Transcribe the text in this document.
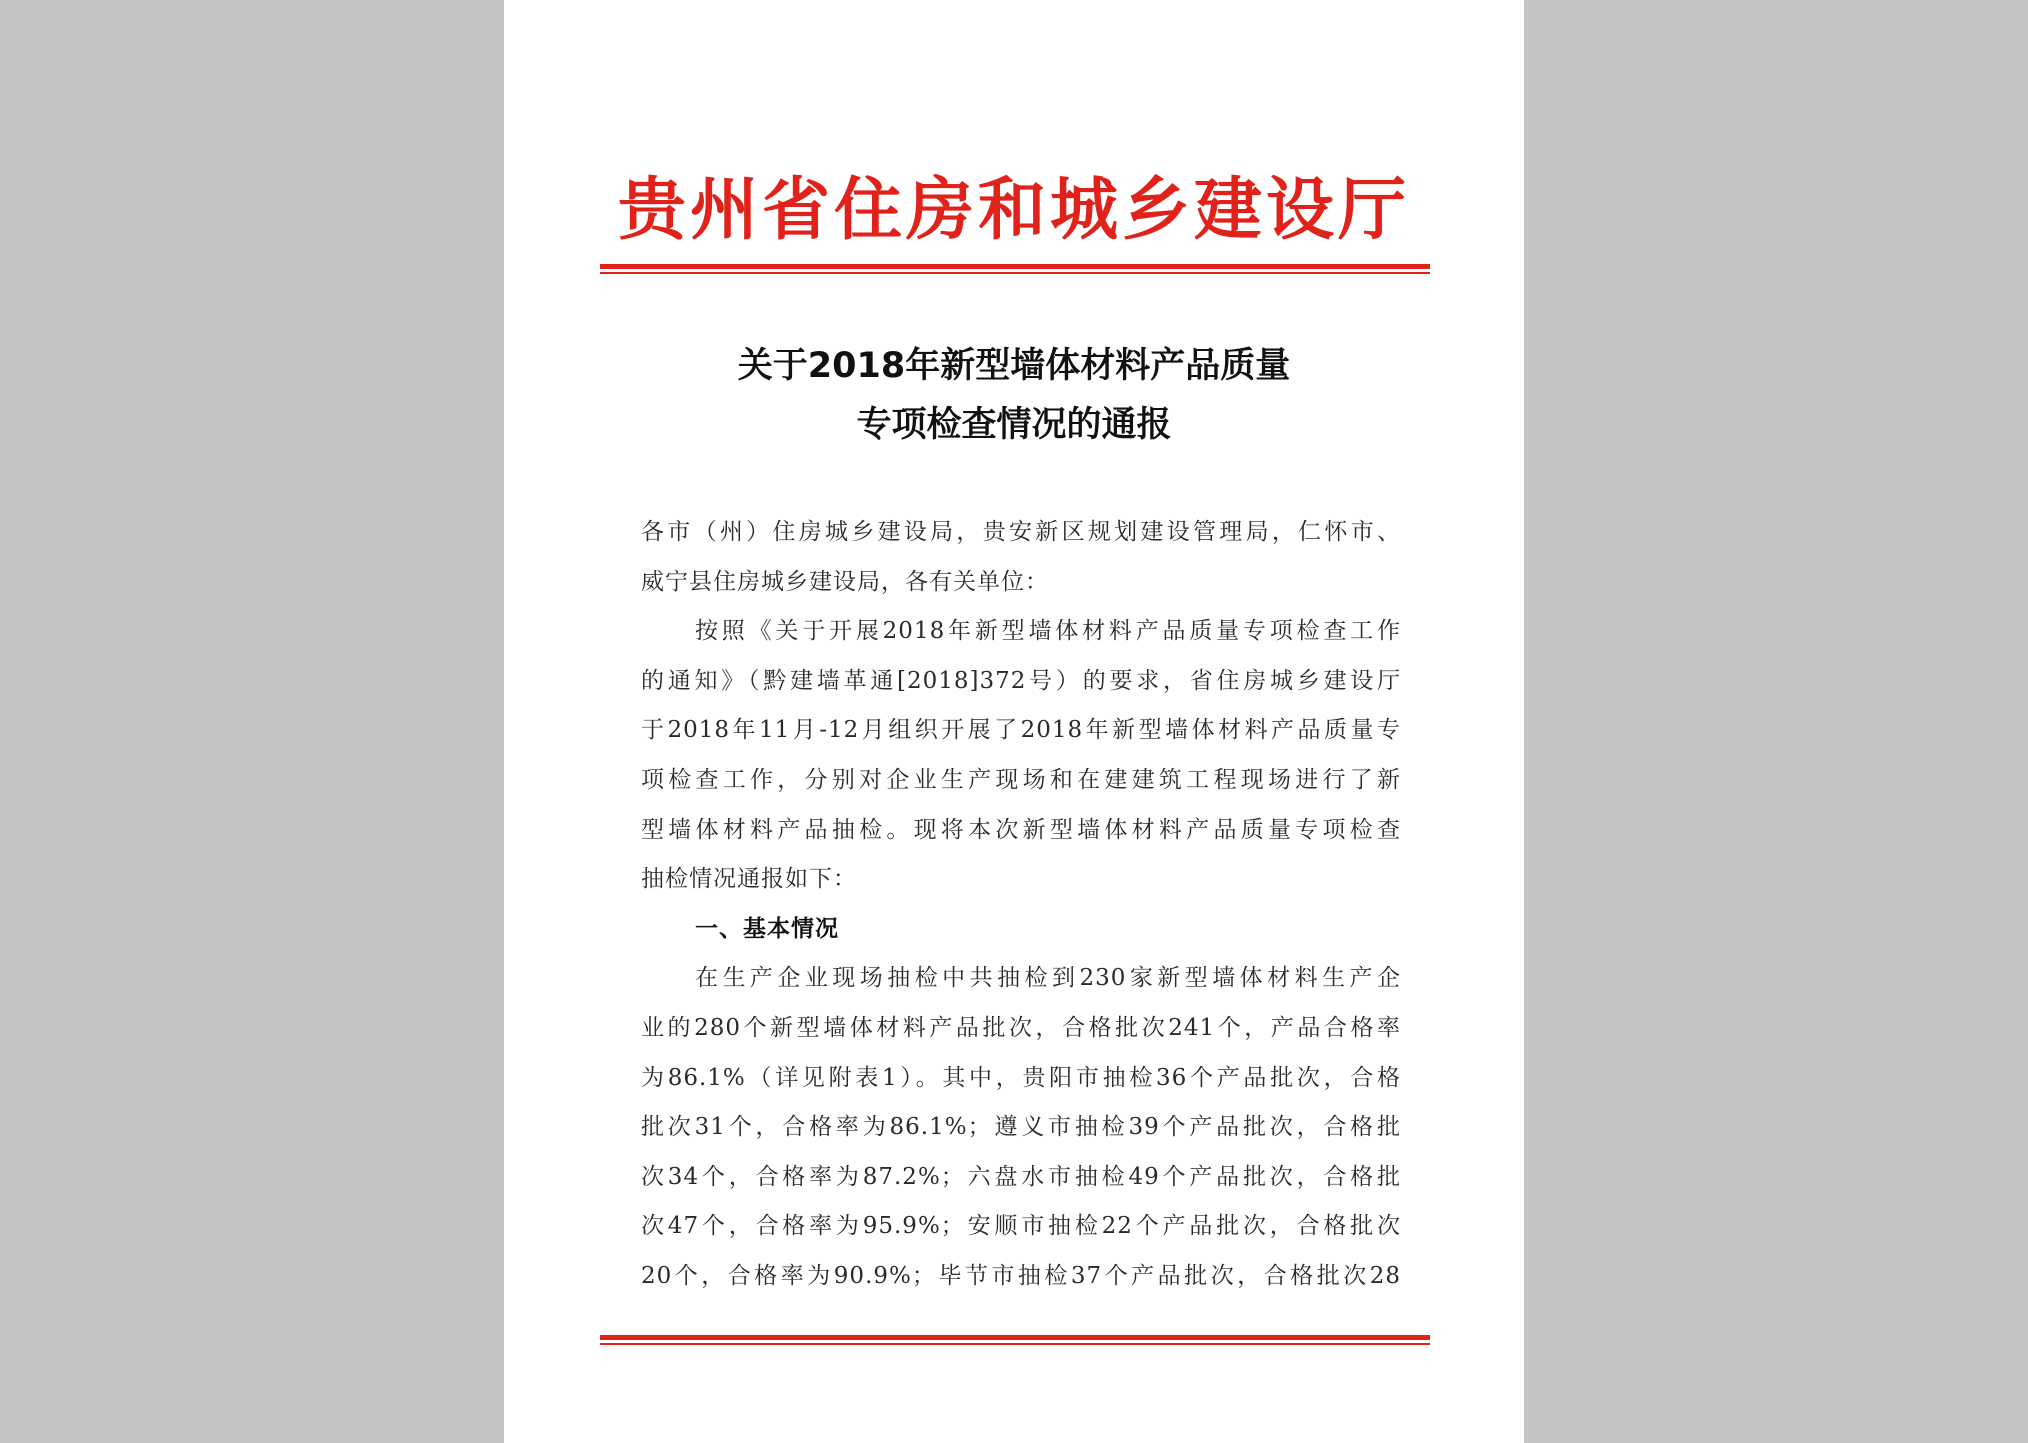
贵州省住房和城乡建设厅
关于2018年新型墙体材料产品质量
专项检查情况的通报
各市（州）住房城乡建设局，贵安新区规划建设管理局，仁怀市、
威宁县住房城乡建设局，各有关单位：
按照《关于开展2018年新型墙体材料产品质量专项检查工作
的通知》（黔建墙革通[2018]372号）的要求，省住房城乡建设厅
于2018年11月-12月组织开展了2018年新型墙体材料产品质量专
项检查工作，分别对企业生产现场和在建建筑工程现场进行了新
型墙体材料产品抽检。现将本次新型墙体材料产品质量专项检查
抽检情况通报如下：
一、基本情况
在生产企业现场抽检中共抽检到230家新型墙体材料生产企
业的280个新型墙体材料产品批次，合格批次241个，产品合格率
为86.1%（详见附表1）。其中，贵阳市抽检36个产品批次，合格
批次31个，合格率为86.1%；遵义市抽检39个产品批次，合格批
次34个，合格率为87.2%；六盘水市抽检49个产品批次，合格批
次47个，合格率为95.9%；安顺市抽检22个产品批次，合格批次
20个，合格率为90.9%；毕节市抽检37个产品批次，合格批次28
